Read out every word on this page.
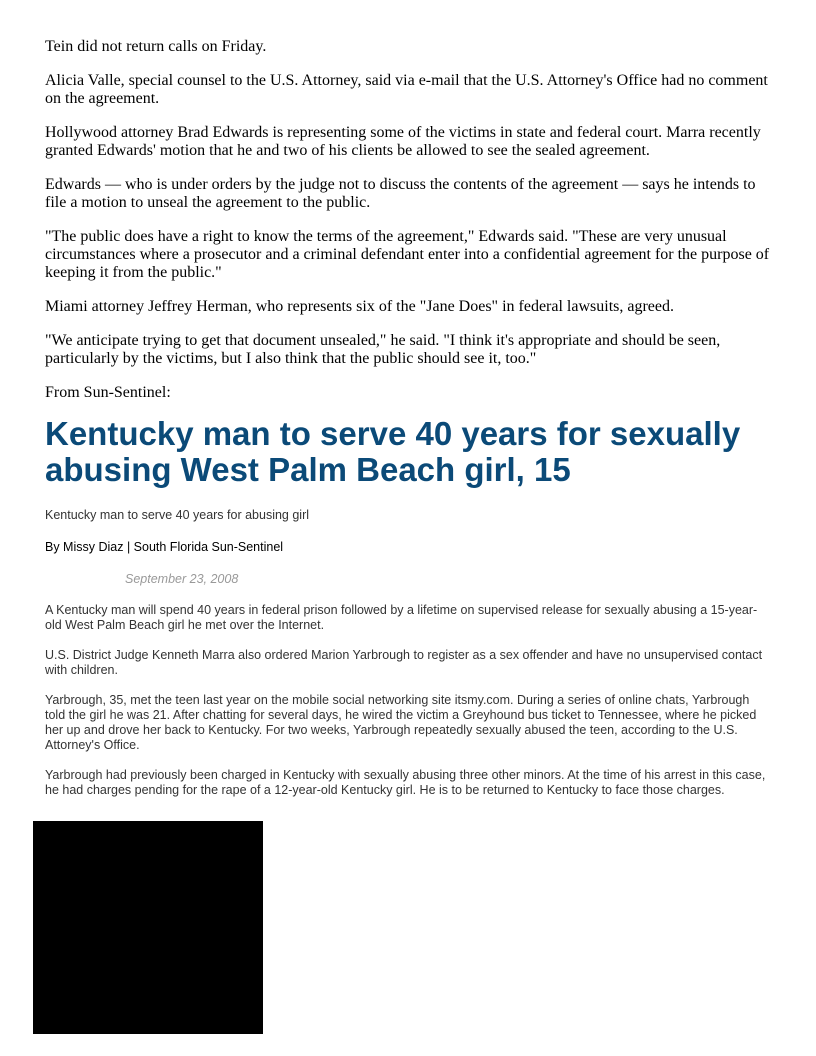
Tein did not return calls on Friday.

Alicia Valle, special counsel to the U.S. Attorney, said via e-mail that the U.S. Attorney's Office had no comment on the agreement.

Hollywood attorney Brad Edwards is representing some of the victims in state and federal court. Marra recently granted Edwards' motion that he and two of his clients be allowed to see the sealed agreement.

Edwards — who is under orders by the judge not to discuss the contents of the agreement — says he intends to file a motion to unseal the agreement to the public.

"The public does have a right to know the terms of the agreement," Edwards said. "These are very unusual circumstances where a prosecutor and a criminal defendant enter into a confidential agreement for the purpose of keeping it from the public."

Miami attorney Jeffrey Herman, who represents six of the "Jane Does" in federal lawsuits, agreed.

"We anticipate trying to get that document unsealed," he said. "I think it's appropriate and should be seen, particularly by the victims, but I also think that the public should see it, too."

From Sun-Sentinel:

Kentucky man to serve 40 years for sexually abusing West Palm Beach girl, 15
Kentucky man to serve 40 years for abusing girl
By Missy Diaz | South Florida Sun-Sentinel
September 23, 2008

A Kentucky man will spend 40 years in federal prison followed by a lifetime on supervised release for sexually abusing a 15-year-old West Palm Beach girl he met over the Internet.

U.S. District Judge Kenneth Marra also ordered Marion Yarbrough to register as a sex offender and have no unsupervised contact with children.

Yarbrough, 35, met the teen last year on the mobile social networking site itsmy.com. During a series of online chats, Yarbrough told the girl he was 21. After chatting for several days, he wired the victim a Greyhound bus ticket to Tennessee, where he picked her up and drove her back to Kentucky. For two weeks, Yarbrough repeatedly sexually abused the teen, according to the U.S. Attorney's Office.

Yarbrough had previously been charged in Kentucky with sexually abusing three other minors. At the time of his arrest in this case, he had charges pending for the rape of a 12-year-old Kentucky girl. He is to be returned to Kentucky to face those charges.
